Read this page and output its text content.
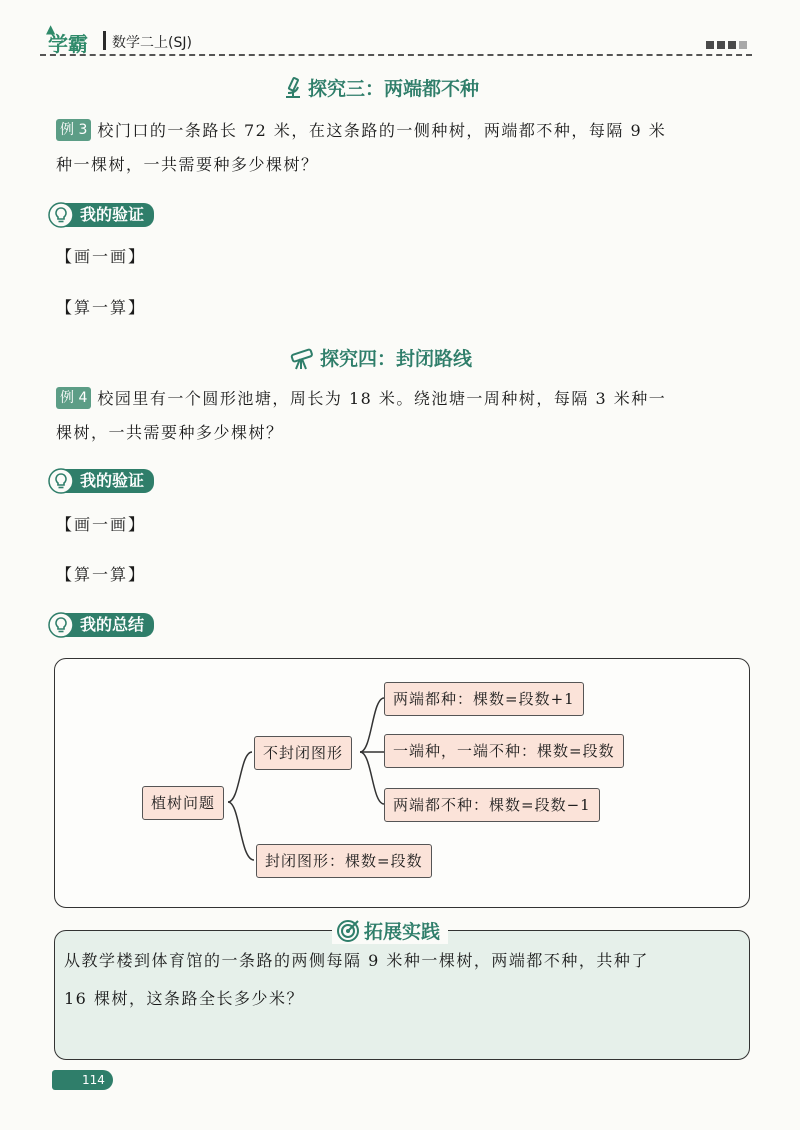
▲
学霸 数学二上(SJ)
探究三：两端都不种
例 3 校门口的一条路长 72 米，在这条路的一侧种树，两端都不种，每隔 9 米
种一棵树，一共需要种多少棵树？
我的验证
【画一画】
【算一算】
探究四：封闭路线
例 4 校园里有一个圆形池塘，周长为 18 米。绕池塘一周种树，每隔 3 米种一
棵树，一共需要种多少棵树？
我的验证
【画一画】
【算一算】
我的总结
植树问题
不封闭图形
封闭图形：棵数=段数
两端都种：棵数=段数+1
一端种，一端不种：棵数=段数
两端都不种：棵数=段数−1
拓展实践
从教学楼到体育馆的一条路的两侧每隔 9 米种一棵树，两端都不种，共种了
16 棵树，这条路全长多少米？
114
